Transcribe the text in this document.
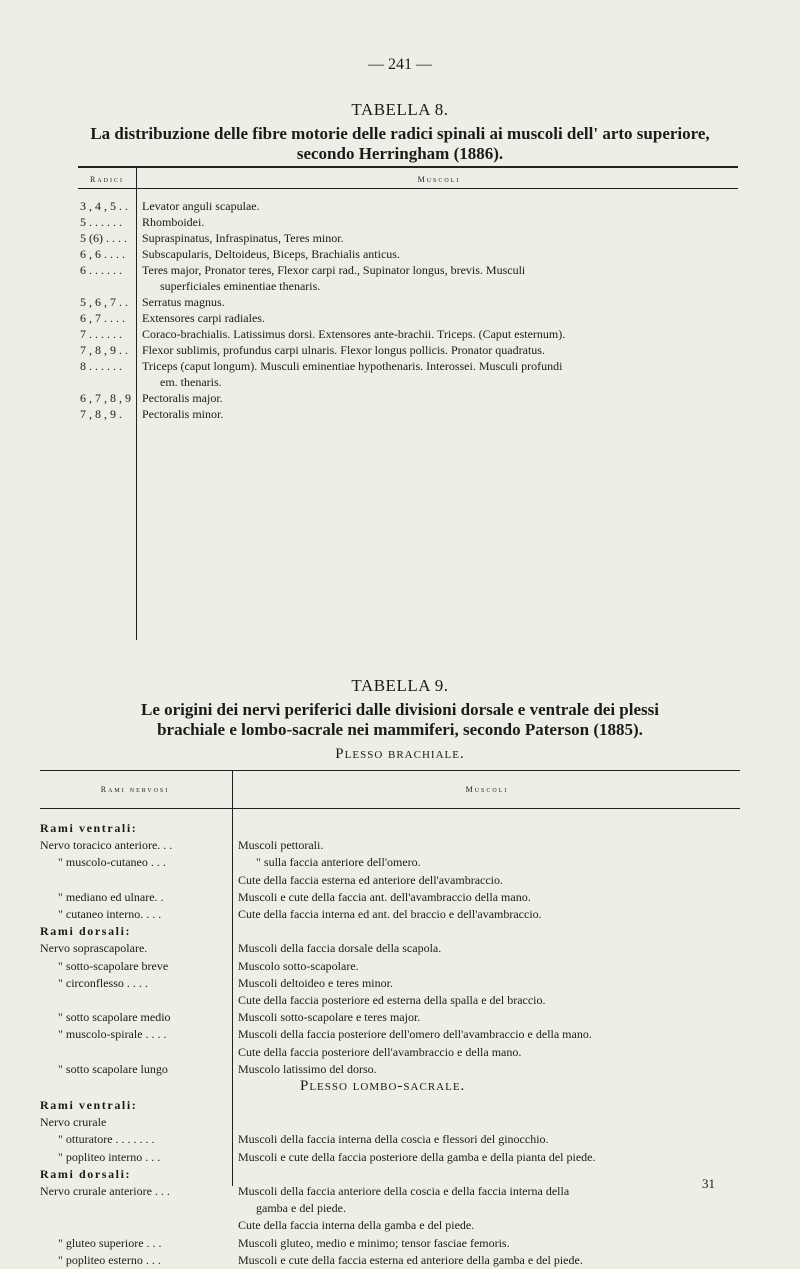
— 241 —
TABELLA 8.
La distribuzione delle fibre motorie delle radici spinali ai muscoli dell' arto superiore, secondo Herringham (1886).
Radici	Muscoli
3 , 4 , 5 . .
5 . . . . . .
5 (6) . . . .
6 , 6 . . . .
6 . . . . . .

5 , 6 , 7 . .
6 , 7 . . . .
7 . . . . . .
7 , 8 , 9 . .
8 . . . . . .

6 , 7 , 8 , 9
7 , 8 , 9 .
Levator anguli scapulae.
Rhomboidei.
Supraspinatus, Infraspinatus, Teres minor.
Subscapularis, Deltoideus, Biceps, Brachialis anticus.
Teres major, Pronator teres, Flexor carpi rad., Supinator longus, brevis. Musculi
superficiales eminentiae thenaris.
Serratus magnus.
Extensores carpi radiales.
Coraco-brachialis. Latissimus dorsi. Extensores ante-brachii. Triceps. (Caput esternum).
Flexor sublimis, profundus carpi ulnaris. Flexor longus pollicis. Pronator quadratus.
Triceps (caput longum). Musculi eminentiae hypothenaris. Interossei. Musculi profundi
em. thenaris.
Pectoralis major.
Pectoralis minor.
TABELLA 9.
Le origini dei nervi periferici dalle divisioni dorsale e ventrale dei plessi
brachiale e lombo-sacrale nei mammiferi, secondo Paterson (1885).
Plesso brachiale.
Rami nervosi	Muscoli
Rami ventrali:
Nervo toracico anteriore. . .
" muscolo-cutaneo . . .

" mediano ed ulnare. .
" cutaneo interno. . . .
Rami dorsali:
Nervo soprascapolare.
" sotto-scapolare breve
" circonflesso . . . .

" sotto scapolare medio
" muscolo-spirale . . . .

" sotto scapolare lungo

Muscoli pettorali.
" sulla faccia anteriore dell'omero.
Cute della faccia esterna ed anteriore dell'avambraccio.
Muscoli e cute della faccia ant. dell'avambraccio della mano.
Cute della faccia interna ed ant. del braccio e dell'avambraccio.

Muscoli della faccia dorsale della scapola.
Muscolo sotto-scapolare.
Muscoli deltoideo e teres minor.
Cute della faccia posteriore ed esterna della spalla e del braccio.
Muscoli sotto-scapolare e teres major.
Muscoli della faccia posteriore dell'omero dell'avambraccio e della mano.
Cute della faccia posteriore dell'avambraccio e della mano.
Muscolo latissimo del dorso.
Plesso lombo-sacrale.
Rami ventrali:
Nervo crurale
" otturatore . . . . . . .
" popliteo interno . . .
Rami dorsali:
Nervo crurale anteriore . . .

" gluteo superiore . . .
" popliteo esterno . . .

Muscoli della faccia interna della coscia e flessori del ginocchio.
Muscoli e cute della faccia posteriore della gamba e della pianta del piede.

Muscoli della faccia anteriore della coscia e della faccia interna della
gamba e del piede.
Cute della faccia interna della gamba e del piede.
Muscoli gluteo, medio e minimo; tensor fasciae femoris.
Muscoli e cute della faccia esterna ed anteriore della gamba e del piede.
31
